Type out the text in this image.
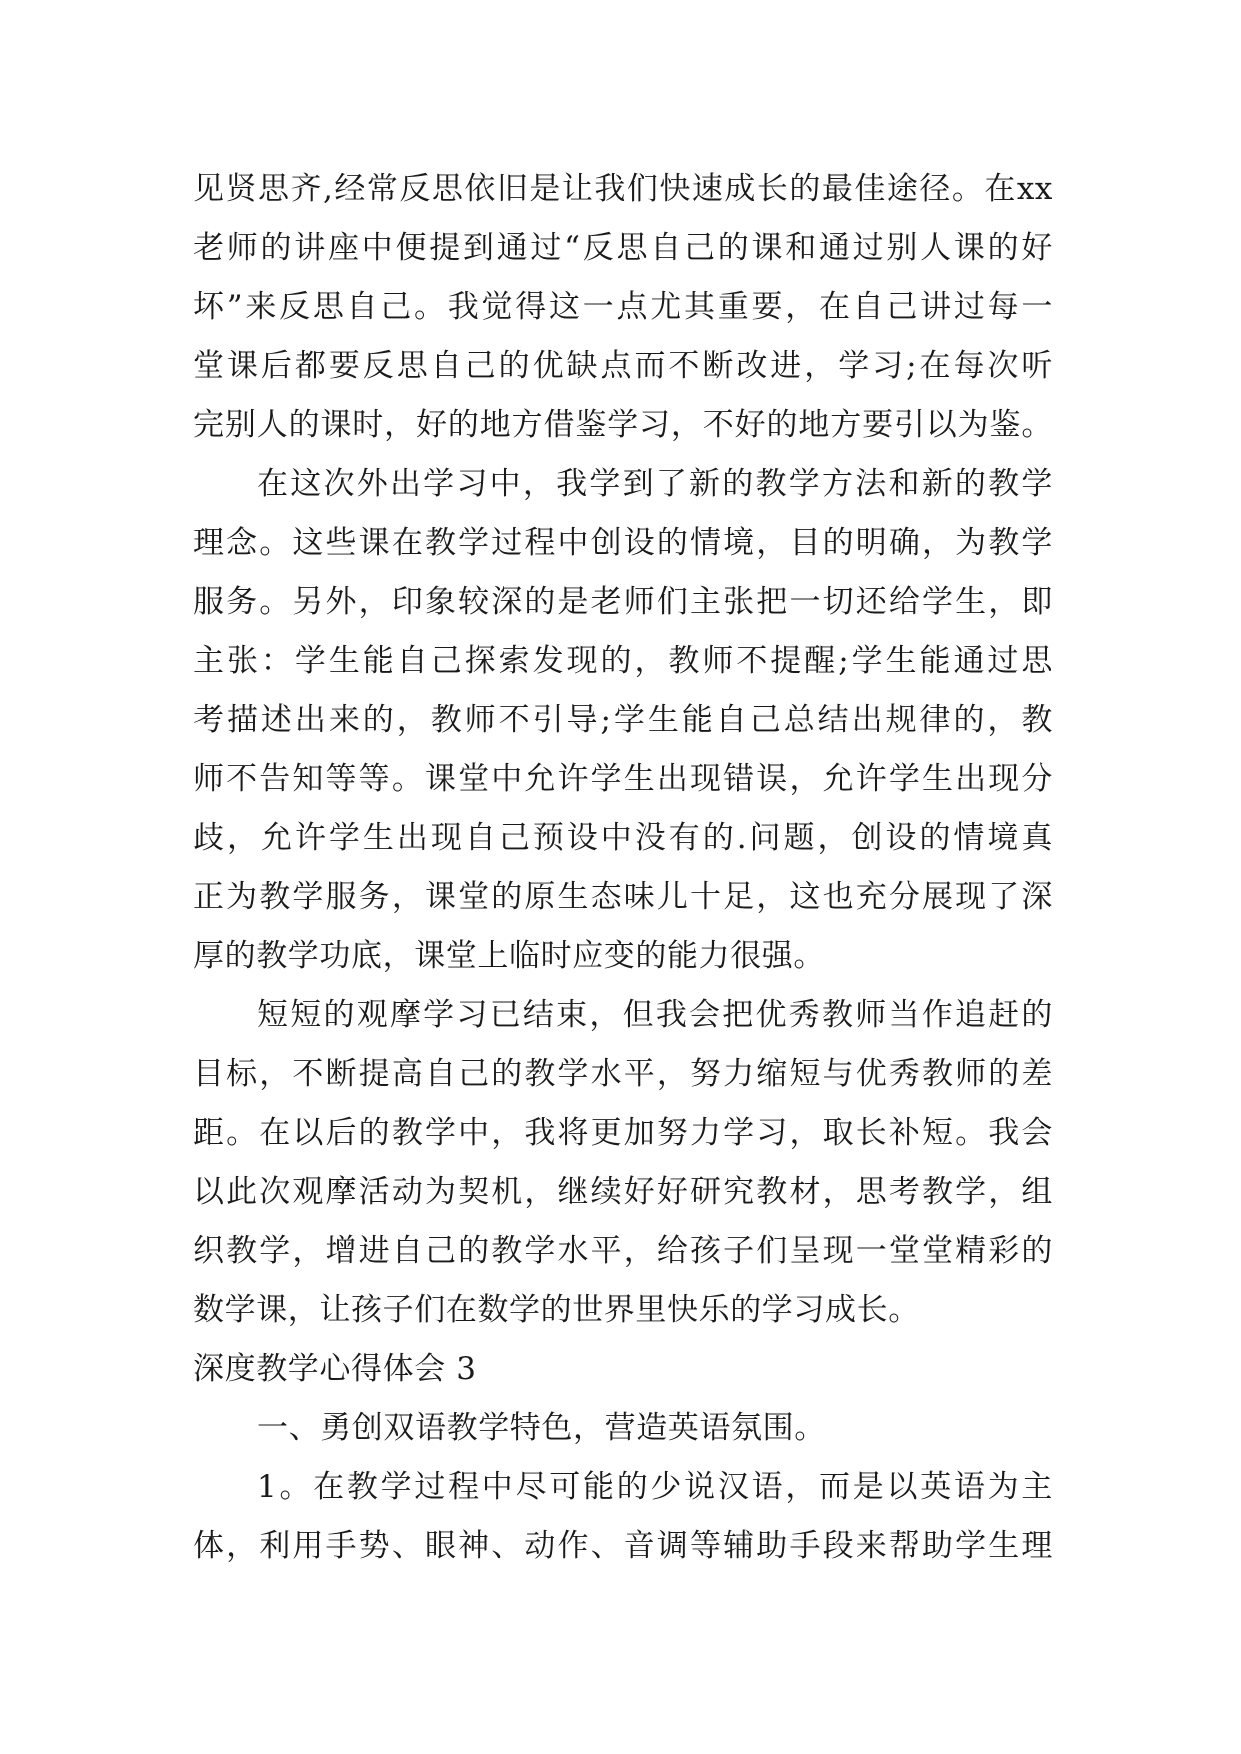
见贤思齐,经常反思依旧是让我们快速成长的最佳途径。在xx
老师的讲座中便提到通过“反思自己的课和通过别人课的好
坏”来反思自己。我觉得这一点尤其重要，在自己讲过每一
堂课后都要反思自己的优缺点而不断改进，学习;在每次听
完别人的课时，好的地方借鉴学习，不好的地方要引以为鉴。
在这次外出学习中，我学到了新的教学方法和新的教学
理念。这些课在教学过程中创设的情境，目的明确，为教学
服务。另外，印象较深的是老师们主张把一切还给学生，即
主张：学生能自己探索发现的，教师不提醒;学生能通过思
考描述出来的，教师不引导;学生能自己总结出规律的，教
师不告知等等。课堂中允许学生出现错误，允许学生出现分
歧，允许学生出现自己预设中没有的.问题，创设的情境真
正为教学服务，课堂的原生态味儿十足，这也充分展现了深
厚的教学功底，课堂上临时应变的能力很强。
短短的观摩学习已结束，但我会把优秀教师当作追赶的
目标，不断提高自己的教学水平，努力缩短与优秀教师的差
距。在以后的教学中，我将更加努力学习，取长补短。我会
以此次观摩活动为契机，继续好好研究教材，思考教学，组
织教学，增进自己的教学水平，给孩子们呈现一堂堂精彩的
数学课，让孩子们在数学的世界里快乐的学习成长。
深度教学心得体会 3
一、勇创双语教学特色，营造英语氛围。
1。在教学过程中尽可能的少说汉语，而是以英语为主
体，利用手势、眼神、动作、音调等辅助手段来帮助学生理
